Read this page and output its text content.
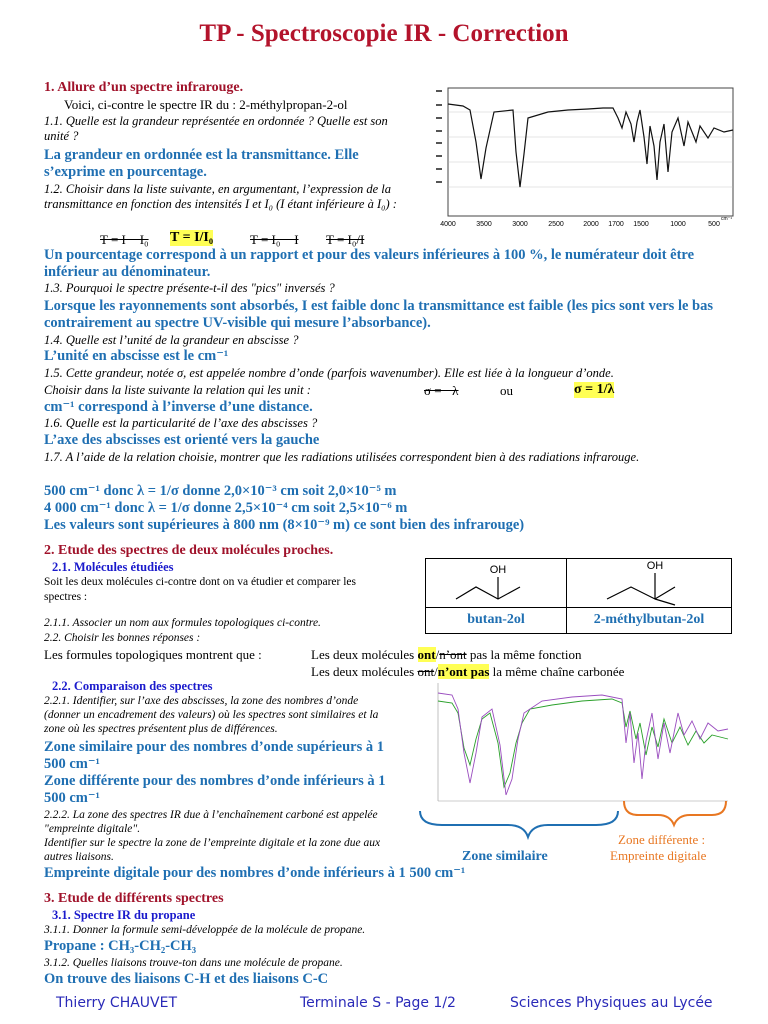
TP - Spectroscopie IR - Correction
1. Allure d’un spectre infrarouge.
Voici, ci-contre le spectre IR du : 2-méthylpropan-2-ol
1.1. Quelle est la grandeur représentée en ordonnée ? Quelle est son unité ?
La grandeur en ordonnée est la transmittance. Elle s’exprime en pourcentage.
1.2. Choisir dans la liste suivante, en argumentant, l’expression de la transmittance en fonction des intensités I et I₀ (I étant inférieure à I₀) :
T = I − I₀ T = I/I₀	T = I₀ − I T = I₀/I
Un pourcentage correspond à un rapport et pour des valeurs inférieures à 100 %, le numérateur doit être inférieur au dénominateur.
1.3. Pourquoi le spectre présente-t-il des "pics" inversés ?
Lorsque les rayonnements sont absorbés, I est faible donc la transmittance est faible (les pics sont vers le bas contrairement au spectre UV-visible qui mesure l’absorbance).
1.4. Quelle est l’unité de la grandeur en abscisse ?
L’unité en abscisse est le cm⁻¹
1.5. Cette grandeur, notée σ, est appelée nombre d’onde (parfois wavenumber). Elle est liée à la longueur d’onde.
Choisir dans la liste suivante la relation qui les unit :	σ = −λ	ou	σ = 1/λ
cm⁻¹ correspond à l’inverse d’une distance.
1.6. Quelle est la particularité de l’axe des abscisses ?
L’axe des abscisses est orienté vers la gauche
1.7. A l’aide de la relation choisie, montrer que les radiations utilisées correspondent bien à des radiations infrarouge.
500 cm⁻¹ donc λ = 1/σ donne 2,0×10⁻³ cm soit 2,0×10⁻⁵ m
4 000 cm⁻¹ donc λ = 1/σ donne 2,5×10⁻⁴ cm soit 2,5×10⁻⁶ m
Les valeurs sont supérieures à 800 nm (8×10⁻⁹ m) ce sont bien des infrarouge)
4000	3500	3000	2500	2000 1700 1500	1000	500
cm⁻¹
2. Etude des spectres de deux molécules proches.
2.1. Molécules étudiées
Soit les deux molécules ci-contre dont on va étudier et comparer les spectres :
2.1.1. Associer un nom aux formules topologiques ci-contre.
2.2. Choisir les bonnes réponses :
Les formules topologiques montrent que :	Les deux molécules ont/n’ont pas la même fonction
Les deux molécules ont/n’ont pas la même chaîne carbonée
OH	OH
butan-2ol	2-méthylbutan-2ol
2.2. Comparaison des spectres
2.2.1. Identifier, sur l’axe des abscisses, la zone des nombres d’onde (donner un encadrement des valeurs) où les spectres sont similaires et la zone où les spectres présentent plus de différences.
Zone similaire pour des nombres d’onde supérieurs à 1 500 cm⁻¹
Zone différente pour des nombres d’onde inférieurs à 1 500 cm⁻¹
2.2.2. La zone des spectres IR due à l’enchaînement carboné est appelée "empreinte digitale".
Identifier sur le spectre la zone de l’empreinte digitale et la zone due aux autres liaisons.
Empreinte digitale pour des nombres d’onde inférieurs à 1 500 cm⁻¹
Zone similaire
Zone différente :
Empreinte digitale
3. Etude de différents spectres
3.1. Spectre IR du propane
3.1.1. Donner la formule semi-développée de la molécule de propane.
Propane : CH₃-CH₂-CH₃
3.1.2. Quelles liaisons trouve-ton dans une molécule de propane.
On trouve des liaisons C-H et des liaisons C-C
Thierry CHAUVET	Terminale S - Page 1/2	Sciences Physiques au Lycée
